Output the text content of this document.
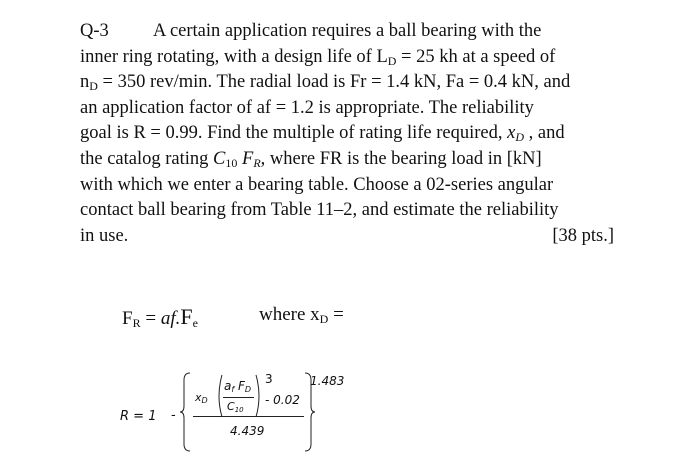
Q-3 A certain application requires a ball bearing with the
inner ring rotating, with a design life of $L_D = 25$ kh at a speed of
$n_D = 350$ rev/min. The radial load is Fr = 1.4 kN, Fa = 0.4 kN, and
an application factor of af = 1.2 is appropriate. The reliability
goal is R = 0.99. Find the multiple of rating life required, $x_D$ , and
the catalog rating $C_{10}$ $F_R$, where FR is the bearing load in [kN]
with which we enter a bearing table. Choose a 02-series angular
contact ball bearing from Table 11–2, and estimate the reliability
in use.	[38 pts.]
$F_R = af.F_e$	where $x_D$ =
R = 1 -
$x_D$
$a_f$ $F_D$
$C_{10}$
3
- 0.02
4.439
1.483
